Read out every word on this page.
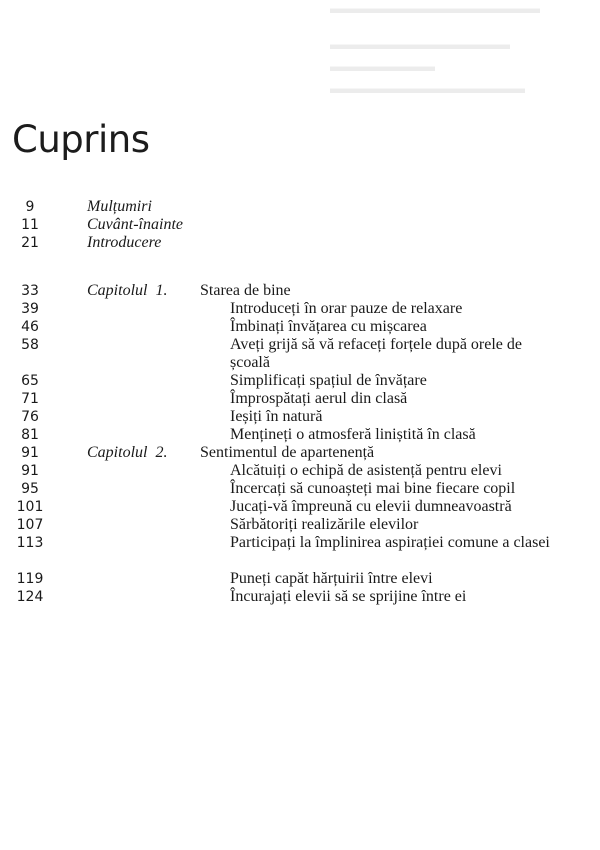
▬▬▬▬▬▬▬▬▬▬▬▬▬▬
▬▬▬▬▬▬▬▬▬▬▬▬
▬▬▬▬▬▬▬
▬▬▬▬▬▬▬▬▬▬▬▬▬
Cuprins
9	Mulțumiri
11	Cuvânt-înainte
21	Introducere
33	Capitolul  1. Starea de bine
39	Introduceți în orar pauze de relaxare
46	Îmbinați învățarea cu mișcarea
58	Aveți grijă să vă refaceți forțele după orele de școală
65	Simplificați spațiul de învățare
71	Împrospătați aerul din clasă
76	Ieșiți în natură
81	Mențineți o atmosferă liniștită în clasă
91	Capitolul  2. Sentimentul de apartenență
91	Alcătuiți o echipă de asistență pentru elevi
95	Încercați să cunoașteți mai bine fiecare copil
101	Jucați-vă împreună cu elevii dumneavoastră
107	Sărbătoriți realizările elevilor
113	Participați la împlinirea aspirației comune a clasei
119	Puneți capăt hărțuirii între elevi
124	Încurajați elevii să se sprijine între ei
